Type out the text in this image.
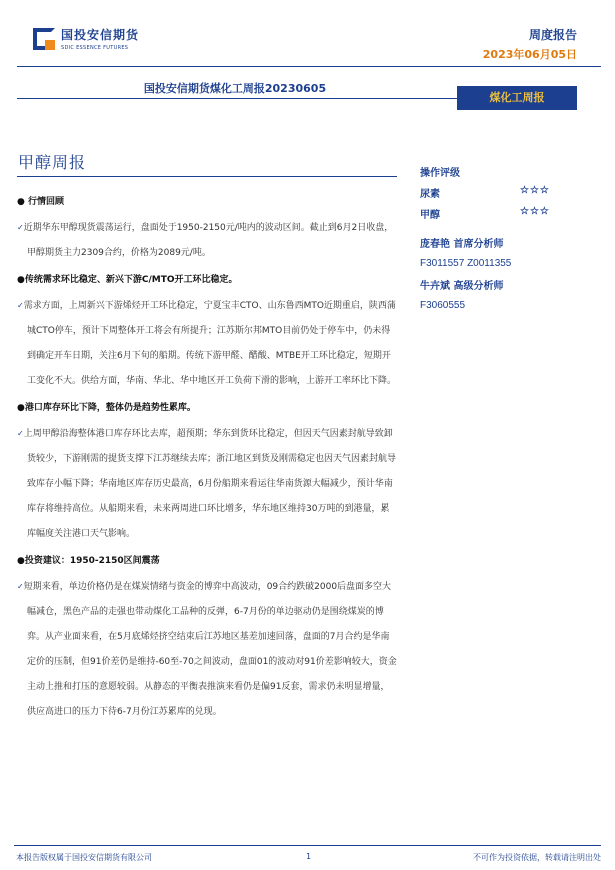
国投安信期货
SDIC ESSENCE FUTURES
周度报告
2023年06月05日
国投安信期货煤化工周报20230605
煤化工周报
甲醇周报
● 行情回顾
✓近期华东甲醇现货震荡运行，盘面处于1950-2150元/吨内的波动区间。截止到6月2日收盘，甲醇期货主力2309合约，价格为2089元/吨。
●传统需求环比稳定、新兴下游C/MTO开工环比稳定。
✓需求方面，上周新兴下游烯烃开工环比稳定，宁夏宝丰CTO、山东鲁西MTO近期重启，陕西蒲城CTO停车，预计下周整体开工将会有所提升；江苏斯尔邦MTO目前仍处于停车中，仍未得到确定开车日期，关注6月下旬的船期。传统下游甲醛、醋酸、MTBE开工环比稳定，短期开工变化不大。供给方面，华南、华北、华中地区开工负荷下滑的影响，上游开工率环比下降。
●港口库存环比下降，整体仍是趋势性累库。
✓上周甲醇沿海整体港口库存环比去库，超预期；华东到货环比稳定，但因天气因素封航导致卸货较少，下游刚需的提货支撑下江苏继续去库；浙江地区到货及刚需稳定也因天气因素封航导致库存小幅下降；华南地区库存历史最高，6月份船期来看运往华南货源大幅减少，预计华南库存将维持高位。从船期来看，未来两周进口环比增多，华东地区维持30万吨的到港量，累库幅度关注港口天气影响。
●投资建议：1950-2150区间震荡
✓短期来看，单边价格仍是在煤炭情绪与资金的博弈中高波动，09合约跌破2000后盘面多空大幅减仓，黑色产品的走强也带动煤化工品种的反弹，6-7月份的单边驱动仍是围绕煤炭的博弈。从产业面来看，在5月底烯烃挤空结束后江苏地区基差加速回落，盘面的7月合约是华南定价的压制，但91价差仍是维持-60至-70之间波动，盘面01的波动对91价差影响较大，资金主动上推和打压的意愿较弱。从静态的平衡表推演来看仍是偏91反套，需求仍未明显增量，供应高进口的压力下待6-7月份江苏累库的兑现。
操作评级
尿素	☆☆☆
甲醇	☆☆☆
庞春艳 首席分析师
F3011557 Z0011355
牛卉斌 高级分析师
F3060555
本报告版权属于国投安信期货有限公司	1	不可作为投资依据，转载请注明出处
